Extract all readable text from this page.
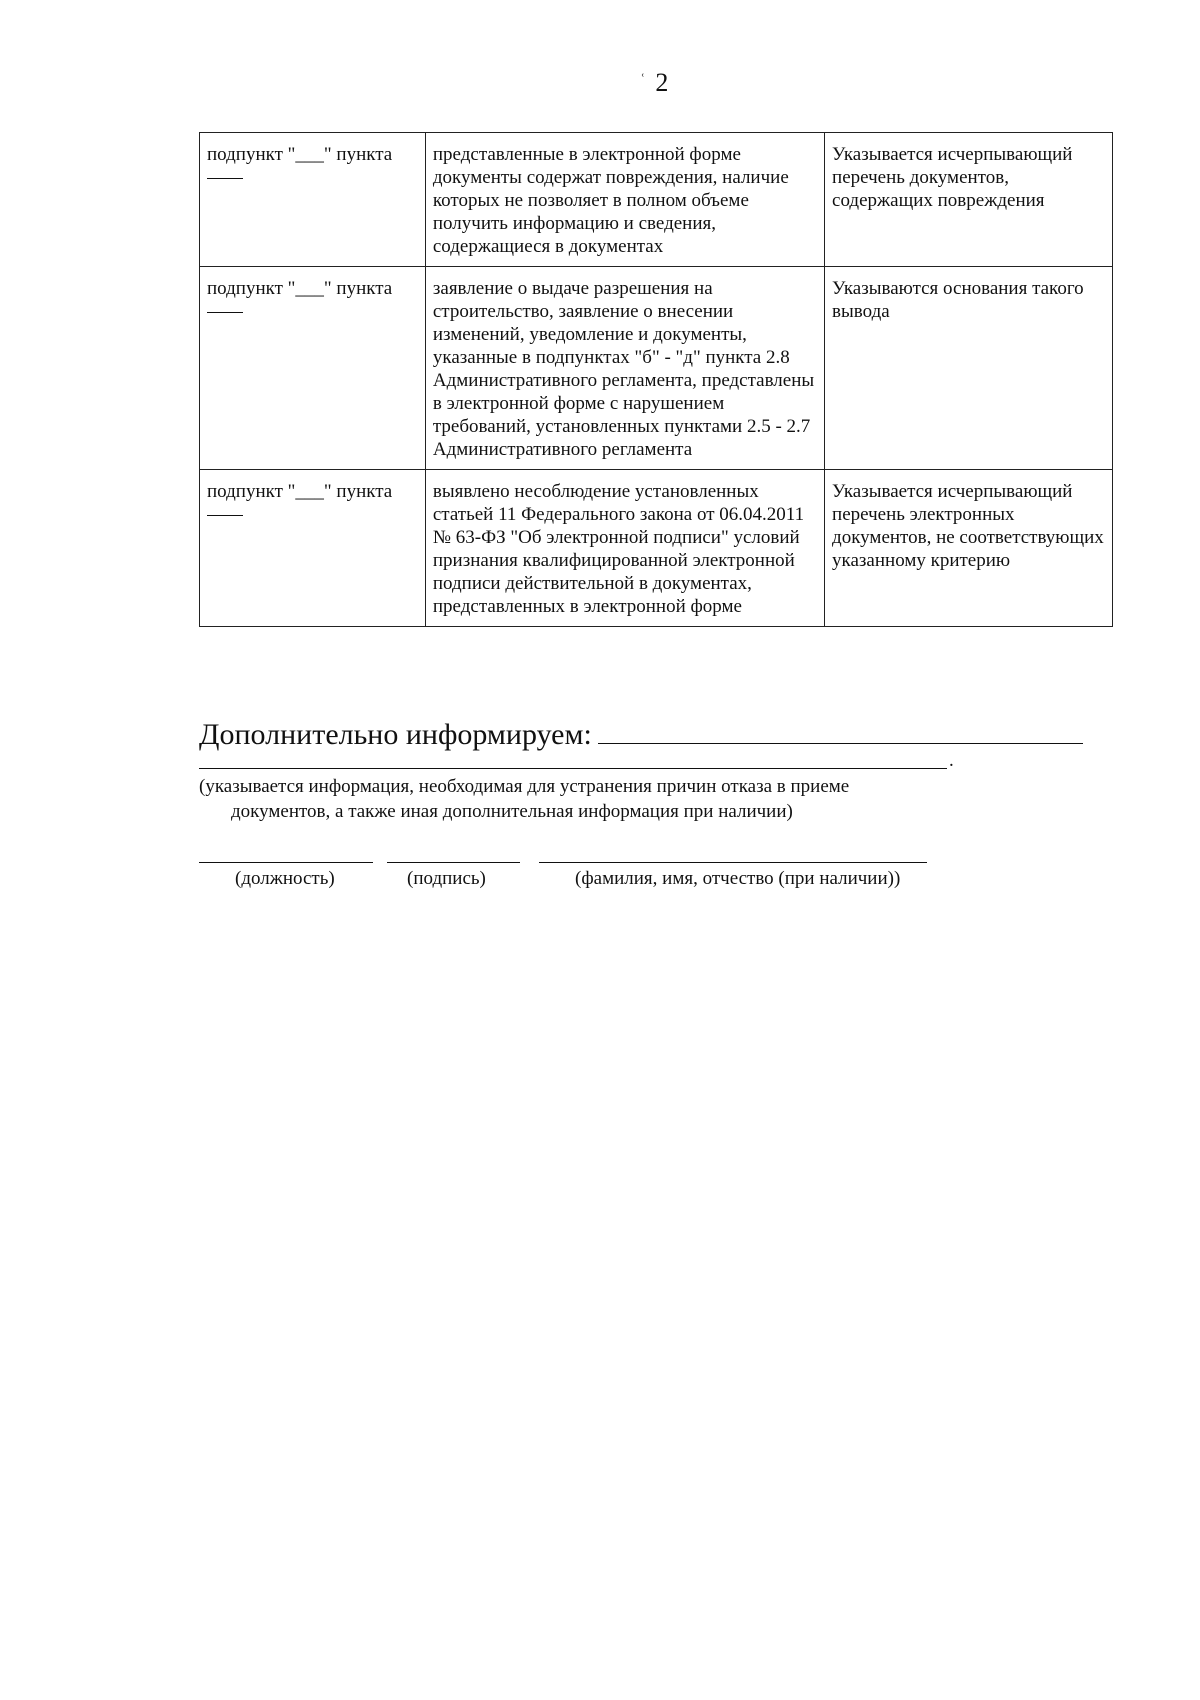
$^ʿ$ 2
подпункт "___" пункта	представленные в электронной форме документы содержат повреждения, наличие которых не позволяет в полном объеме получить информацию и сведения, содержащиеся в документах	Указывается исчерпывающий перечень документов, содержащих повреждения
подпункт "___" пункта	заявление о выдаче разрешения на строительство, заявление о внесении изменений, уведомление и документы, указанные в подпунктах "б" - "д" пункта 2.8 Административного регламента, представлены в электронной форме с нарушением требований, установленных пунктами 2.5 - 2.7 Административного регламента	Указываются основания такого вывода
подпункт "___" пункта	выявлено несоблюдение установленных статьей 11 Федерального закона от 06.04.2011 № 63-ФЗ "Об электронной подписи" условий признания квалифицированной электронной подписи действительной в документах, представленных в электронной форме	Указывается исчерпывающий перечень электронных документов, не соответствующих указанному критерию
Дополнительно информируем:
.
(указывается информация, необходимая для устранения причин отказа в приеме
документов, а также иная дополнительная информация при наличии)
(должность)	(подпись)	(фамилия, имя, отчество (при наличии))
